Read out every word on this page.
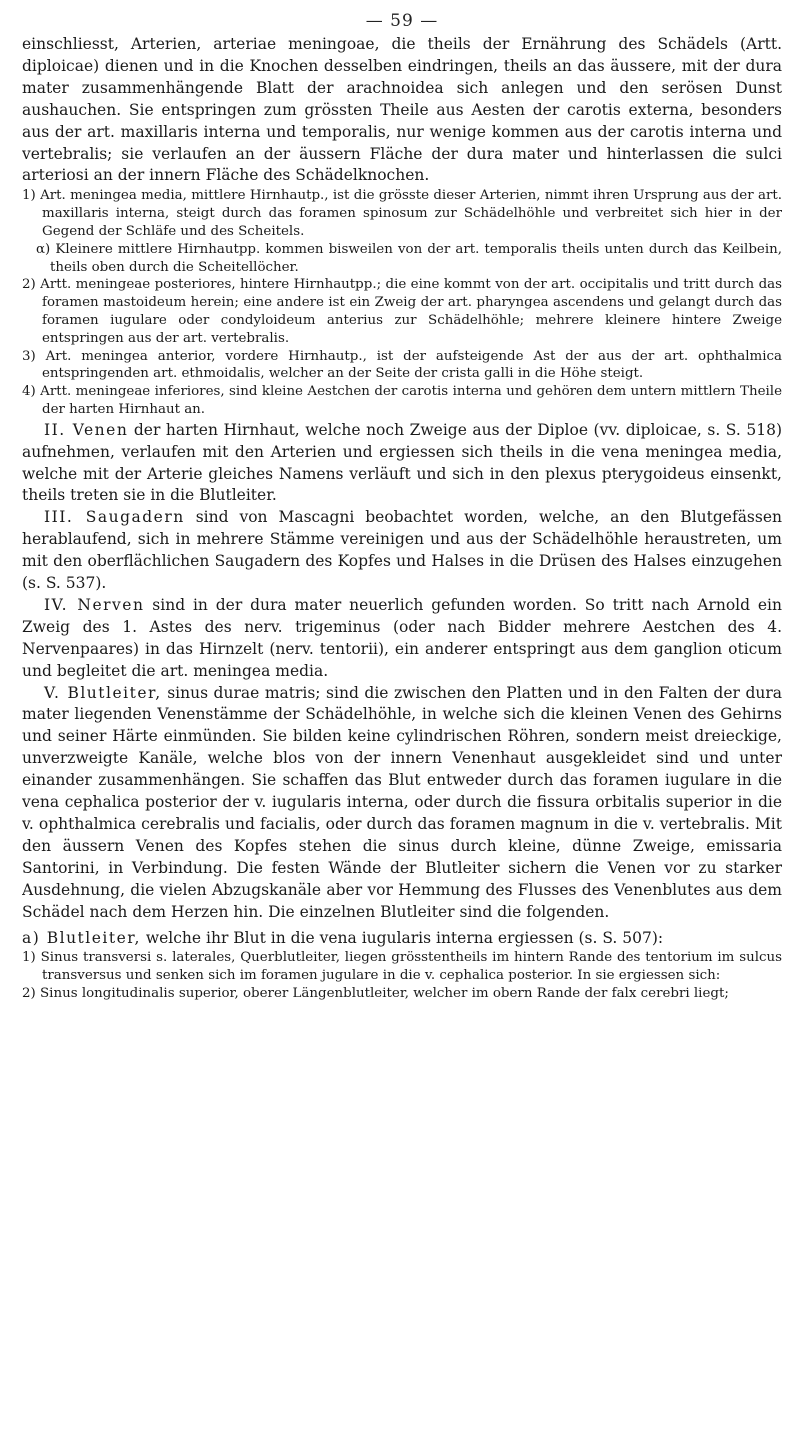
— 59 —

einschliesst, Arterien, arteriae meningoae, die theils der Ernährung des Schädels (Artt. diploicae) dienen und in die Knochen desselben eindringen, theils an das äussere, mit der dura mater zusammenhängende Blatt der arachnoidea sich anlegen und den serösen Dunst aushauchen. Sie entspringen zum grössten Theile aus Aesten der carotis externa, besonders aus der art. maxillaris interna und temporalis, nur wenige kommen aus der carotis interna und vertebralis; sie verlaufen an der äussern Fläche der dura mater und hinterlassen die sulci arteriosi an der innern Fläche des Schädelknochen.

1) Art. meningea media, mittlere Hirnhautp., ist die grösste dieser Arterien, nimmt ihren Ursprung aus der art. maxillaris interna, steigt durch das foramen spinosum zur Schädelhöhle und verbreitet sich hier in der Gegend der Schläfe und des Scheitels.

α) Kleinere mittlere Hirnhautpp. kommen bisweilen von der art. temporalis theils unten durch das Keilbein, theils oben durch die Scheitellöcher.

2) Artt. meningeae posteriores, hintere Hirnhautpp.; die eine kommt von der art. occipitalis und tritt durch das foramen mastoideum herein; eine andere ist ein Zweig der art. pharyngea ascendens und gelangt durch das foramen iugulare oder condyloideum anterius zur Schädelhöhle; mehrere kleinere hintere Zweige entspringen aus der art. vertebralis.

3) Art. meningea anterior, vordere Hirnhautp., ist der aufsteigende Ast der aus der art. ophthalmica entspringenden art. ethmoidalis, welcher an der Seite der crista galli in die Höhe steigt.

4) Artt. meningeae inferiores, sind kleine Aestchen der carotis interna und gehören dem untern mittlern Theile der harten Hirnhaut an.

II. Venen der harten Hirnhaut, welche noch Zweige aus der Diploe (vv. diploicae, s. S. 518) aufnehmen, verlaufen mit den Arterien und ergiessen sich theils in die vena meningea media, welche mit der Arterie gleiches Namens verläuft und sich in den plexus pterygoideus einsenkt, theils treten sie in die Blutleiter.

III. Saugadern sind von Mascagni beobachtet worden, welche, an den Blutgefässen herablaufend, sich in mehrere Stämme vereinigen und aus der Schädelhöhle heraustreten, um mit den oberflächlichen Saugadern des Kopfes und Halses in die Drüsen des Halses einzugehen (s. S. 537).

IV. Nerven sind in der dura mater neuerlich gefunden worden. So tritt nach Arnold ein Zweig des 1. Astes des nerv. trigeminus (oder nach Bidder mehrere Aestchen des 4. Nervenpaares) in das Hirnzelt (nerv. tentorii), ein anderer entspringt aus dem ganglion oticum und begleitet die art. meningea media.

V. Blutleiter, sinus durae matris; sind die zwischen den Platten und in den Falten der dura mater liegenden Venenstämme der Schädelhöhle, in welche sich die kleinen Venen des Gehirns und seiner Härte einmünden. Sie bilden keine cylindrischen Röhren, sondern meist dreieckige, unverzweigte Kanäle, welche blos von der innern Venenhaut ausgekleidet sind und unter einander zusammenhängen. Sie schaffen das Blut entweder durch das foramen iugulare in die vena cephalica posterior der v. iugularis interna, oder durch die fissura orbitalis superior in die v. ophthalmica cerebralis und facialis, oder durch das foramen magnum in die v. vertebralis. Mit den äussern Venen des Kopfes stehen die sinus durch kleine, dünne Zweige, emissaria Santorini, in Verbindung. Die festen Wände der Blutleiter sichern die Venen vor zu starker Ausdehnung, die vielen Abzugskanäle aber vor Hemmung des Flusses des Venenblutes aus dem Schädel nach dem Herzen hin. Die einzelnen Blutleiter sind die folgenden.

a) Blutleiter, welche ihr Blut in die vena iugularis interna ergiessen (s. S. 507):

1) Sinus transversi s. laterales, Querblutleiter, liegen grösstentheils im hintern Rande des tentorium im sulcus transversus und senken sich im foramen jugulare in die v. cephalica posterior. In sie ergiessen sich:

2) Sinus longitudinalis superior, oberer Längenblutleiter, welcher im obern Rande der falx cerebri liegt;
